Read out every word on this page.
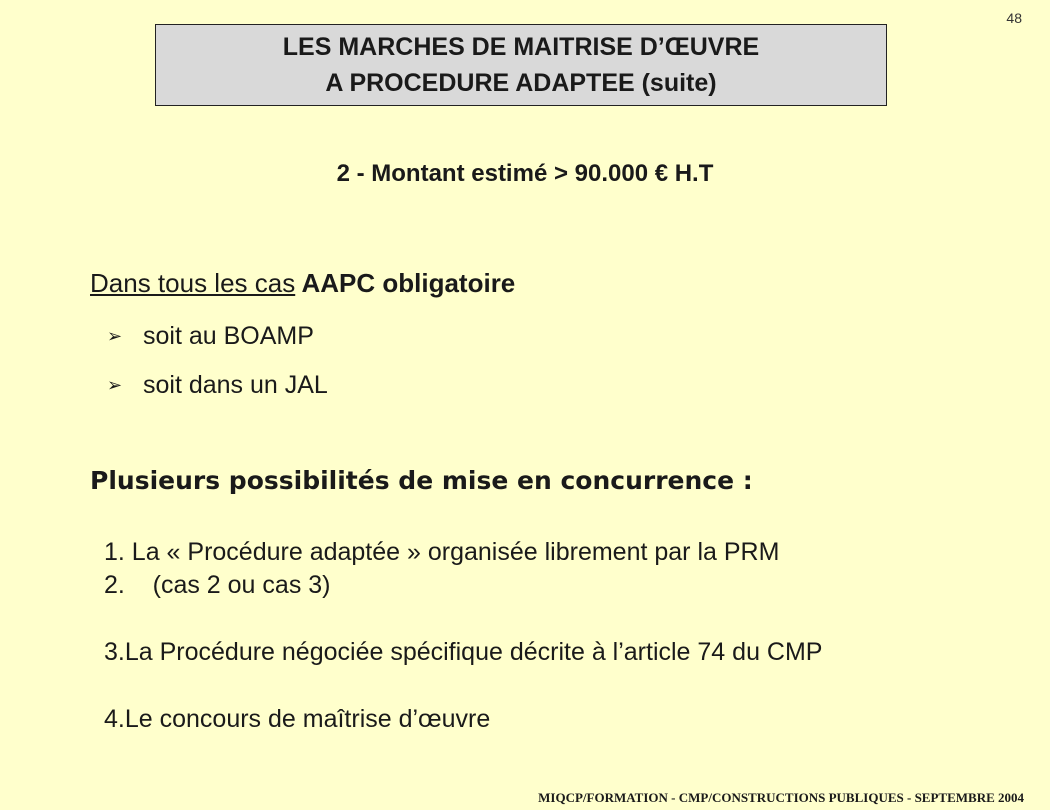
48
LES MARCHES DE MAITRISE D’ŒUVRE
A PROCEDURE ADAPTEE (suite)
2 - Montant estimé > 90.000 € H.T
Dans tous les cas AAPC obligatoire
➢ soit au BOAMP
➢ soit dans un JAL
Plusieurs possibilités de mise en concurrence :
1. La « Procédure adaptée » organisée librement par la PRM
2.    (cas 2 ou cas 3)
3.La Procédure négociée spécifique décrite à l’article 74 du CMP
4.Le concours de maîtrise d’œuvre
MIQCP/FORMATION - CMP/CONSTRUCTIONS PUBLIQUES - SEPTEMBRE 2004
